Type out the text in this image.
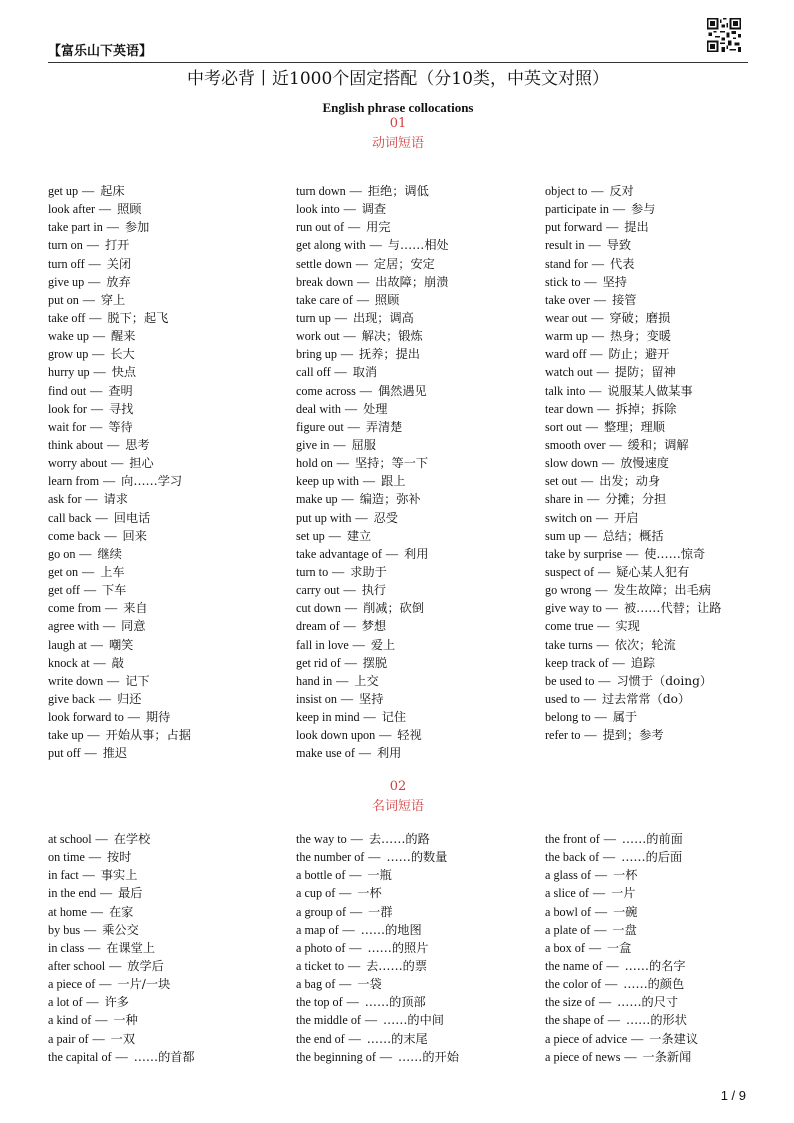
【富乐山下英语】
中考必背丨近1000个固定搭配（分10类，中英文对照）
English phrase collocations
01
动词短语
get up — 起床
look after — 照顾
take part in — 参加
turn on — 打开
turn off — 关闭
give up — 放弃
put on — 穿上
take off — 脱下；起飞
wake up — 醒来
grow up — 长大
hurry up — 快点
find out — 查明
look for — 寻找
wait for — 等待
think about — 思考
worry about — 担心
learn from — 向……学习
ask for — 请求
call back — 回电话
come back — 回来
go on — 继续
get on — 上车
get off — 下车
come from — 来自
agree with — 同意
laugh at — 嘲笑
knock at — 敲
write down — 记下
give back — 归还
look forward to — 期待
take up — 开始从事；占据
put off — 推迟
turn down — 拒绝；调低
look into — 调查
run out of — 用完
get along with — 与……相处
settle down — 定居；安定
break down — 出故障；崩溃
take care of — 照顾
turn up — 出现；调高
work out — 解决；锻炼
bring up — 抚养；提出
call off — 取消
come across — 偶然遇见
deal with — 处理
figure out — 弄清楚
give in — 屈服
hold on — 坚持；等一下
keep up with — 跟上
make up — 编造；弥补
put up with — 忍受
set up — 建立
take advantage of — 利用
turn to — 求助于
carry out — 执行
cut down — 削减；砍倒
dream of — 梦想
fall in love — 爱上
get rid of — 摆脱
hand in — 上交
insist on — 坚持
keep in mind — 记住
look down upon — 轻视
make use of — 利用
object to — 反对
participate in — 参与
put forward — 提出
result in — 导致
stand for — 代表
stick to — 坚持
take over — 接管
wear out — 穿破；磨损
warm up — 热身；变暖
ward off — 防止；避开
watch out — 提防；留神
talk into — 说服某人做某事
tear down — 拆掉；拆除
sort out — 整理；理顺
smooth over — 缓和；调解
slow down — 放慢速度
set out — 出发；动身
share in — 分摊；分担
switch on — 开启
sum up — 总结；概括
take by surprise — 使……惊奇
suspect of — 疑心某人犯有
go wrong — 发生故障；出毛病
give way to — 被……代替；让路
come true — 实现
take turns — 依次；轮流
keep track of — 追踪
be used to — 习惯于（doing）
used to — 过去常常（do）
belong to — 属于
refer to — 提到；参考
02
名词短语
at school — 在学校
on time — 按时
in fact — 事实上
in the end — 最后
at home — 在家
by bus — 乘公交
in class — 在课堂上
after school — 放学后
a piece of — 一片/一块
a lot of — 许多
a kind of — 一种
a pair of — 一双
the capital of — ……的首都
the way to — 去……的路
the number of — ……的数量
a bottle of — 一瓶
a cup of — 一杯
a group of — 一群
a map of — ……的地图
a photo of — ……的照片
a ticket to — 去……的票
a bag of — 一袋
the top of — ……的顶部
the middle of — ……的中间
the end of — ……的末尾
the beginning of — ……的开始
the front of — ……的前面
the back of — ……的后面
a glass of — 一杯
a slice of — 一片
a bowl of — 一碗
a plate of — 一盘
a box of — 一盒
the name of — ……的名字
the color of — ……的颜色
the size of — ……的尺寸
the shape of — ……的形状
a piece of advice — 一条建议
a piece of news — 一条新闻
1 / 9
